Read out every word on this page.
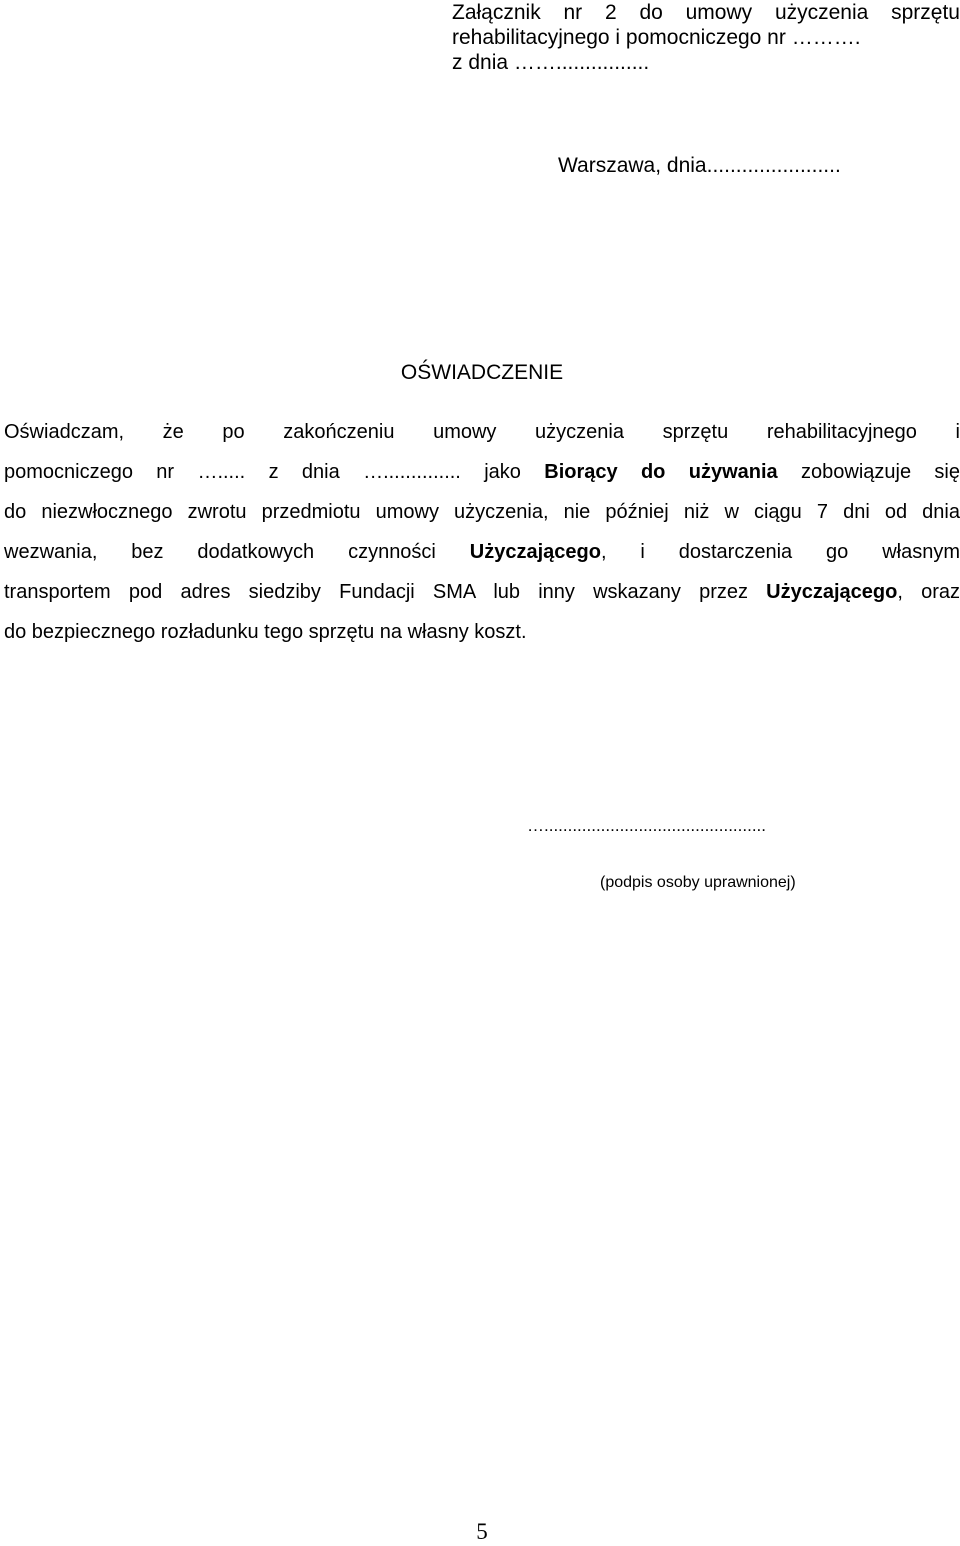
Załącznik nr 2 do umowy użyczenia sprzętu
rehabilitacyjnego i pomocniczego nr ……….
z dnia ……................
Warszawa, dnia.......................
OŚWIADCZENIE
Oświadczam, że po zakończeniu umowy użyczenia sprzętu rehabilitacyjnego i
pomocniczego nr …..... z dnia ….............. jako Biorący do używania zobowiązuje się
do niezwłocznego zwrotu przedmiotu umowy użyczenia, nie później niż w ciągu 7 dni od dnia
wezwania, bez dodatkowych czynności Użyczającego, i dostarczenia go własnym
transportem pod adres siedziby Fundacji SMA lub inny wskazany przez Użyczającego, oraz
do bezpiecznego rozładunku tego sprzętu na własny koszt.
…...............................................
(podpis osoby uprawnionej)
5
